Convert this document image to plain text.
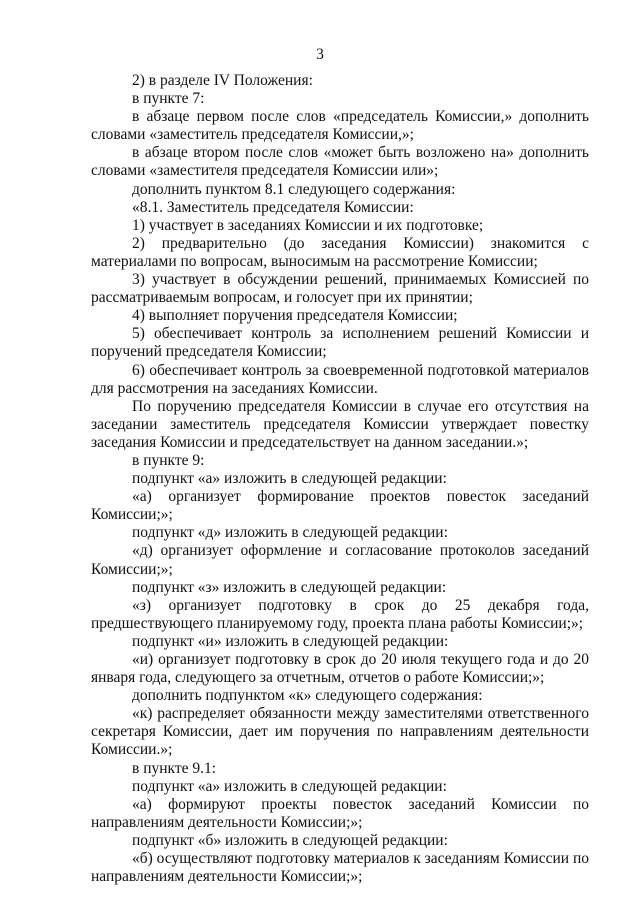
3

2) в разделе IV Положения:

в пункте 7:

в абзаце первом после слов «председатель Комиссии,» дополнить словами «заместитель председателя Комиссии,»;

в абзаце втором после слов «может быть возложено на» дополнить словами «заместителя председателя Комиссии или»;

дополнить пунктом 8.1 следующего содержания:

«8.1. Заместитель председателя Комиссии:

1) участвует в заседаниях Комиссии и их подготовке;

2) предварительно (до заседания Комиссии) знакомится с материалами по вопросам, выносимым на рассмотрение Комиссии;

3) участвует в обсуждении решений, принимаемых Комиссией по рассматриваемым вопросам, и голосует при их принятии;

4) выполняет поручения председателя Комиссии;

5) обеспечивает контроль за исполнением решений Комиссии и поручений председателя Комиссии;

6) обеспечивает контроль за своевременной подготовкой материалов для рассмотрения на заседаниях Комиссии.

По поручению председателя Комиссии в случае его отсутствия на заседании заместитель председателя Комиссии утверждает повестку заседания Комиссии и председательствует на данном заседании.»;

в пункте 9:

подпункт «а» изложить в следующей редакции:

«а) организует формирование проектов повесток заседаний Комиссии;»;

подпункт «д» изложить в следующей редакции:

«д) организует оформление и согласование протоколов заседаний Комиссии;»;

подпункт «з» изложить в следующей редакции:

«з) организует подготовку в срок до 25 декабря года, предшествующего планируемому году, проекта плана работы Комиссии;»;

подпункт «и» изложить в следующей редакции:

«и) организует подготовку в срок до 20 июля текущего года и до 20 января года, следующего за отчетным, отчетов о работе Комиссии;»;

дополнить подпунктом «к» следующего содержания:

«к) распределяет обязанности между заместителями ответственного секретаря Комиссии, дает им поручения по направлениям деятельности Комиссии.»;

в пункте 9.1:

подпункт «а» изложить в следующей редакции:

«а) формируют проекты повесток заседаний Комиссии по направлениям деятельности Комиссии;»;

подпункт «б» изложить в следующей редакции:

«б) осуществляют подготовку материалов к заседаниям Комиссии по направлениям деятельности Комиссии;»;
